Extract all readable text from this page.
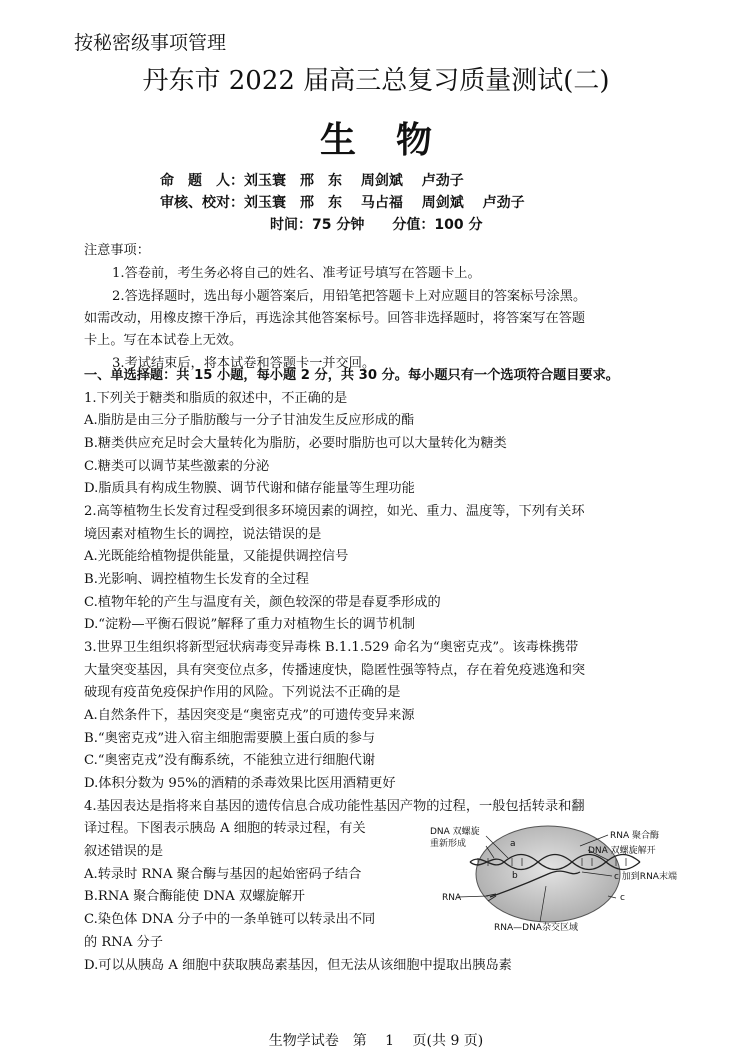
按秘密级事项管理
丹东市 2022 届高三总复习质量测试(二)
生物
命　题　人：刘玉寰　邢　东　 周剑斌　 卢劲子
审核、校对：刘玉寰　邢　东　 马占福　 周剑斌　 卢劲子
时间：75 分钟　　分值：100 分
注意事项：
1.答卷前，考生务必将自己的姓名、准考证号填写在答题卡上。
2.答选择题时，选出每小题答案后，用铅笔把答题卡上对应题目的答案标号涂黑。
如需改动，用橡皮擦干净后，再选涂其他答案标号。回答非选择题时，将答案写在答题
卡上。写在本试卷上无效。
3.考试结束后，将本试卷和答题卡一并交回。
一、单选择题：共 15 小题，每小题 2 分，共 30 分。每小题只有一个选项符合题目要求。
1.下列关于糖类和脂质的叙述中，不正确的是
A.脂肪是由三分子脂肪酸与一分子甘油发生反应形成的酯
B.糖类供应充足时会大量转化为脂肪，必要时脂肪也可以大量转化为糖类
C.糖类可以调节某些激素的分泌
D.脂质具有构成生物膜、调节代谢和储存能量等生理功能
2.高等植物生长发育过程受到很多环境因素的调控，如光、重力、温度等，下列有关环
境因素对植物生长的调控，说法错误的是
A.光既能给植物提供能量，又能提供调控信号
B.光影响、调控植物生长发育的全过程
C.植物年轮的产生与温度有关，颜色较深的带是春夏季形成的
D.“淀粉—平衡石假说”解释了重力对植物生长的调节机制
3.世界卫生组织将新型冠状病毒变异毒株 B.1.1.529 命名为“奥密克戎”。该毒株携带
大量突变基因，具有突变位点多，传播速度快，隐匿性强等特点，存在着免疫逃逸和突
破现有疫苗免疫保护作用的风险。下列说法不正确的是
A.自然条件下，基因突变是“奥密克戎”的可遗传变异来源
B.“奥密克戎”进入宿主细胞需要膜上蛋白质的参与
C.“奥密克戎”没有酶系统，不能独立进行细胞代谢
D.体积分数为 95%的酒精的杀毒效果比医用酒精更好
4.基因表达是指将来自基因的遗传信息合成功能性基因产物的过程，一般包括转录和翻
译过程。下图表示胰岛 A 细胞的转录过程，有关
叙述错误的是
A.转录时 RNA 聚合酶与基因的起始密码子结合
B.RNA 聚合酶能使 DNA 双螺旋解开
C.染色体 DNA 分子中的一条单链可以转录出不同
的 RNA 分子
D.可以从胰岛 A 细胞中获取胰岛素基因，但无法从该细胞中提取出胰岛素
DNA 双螺旋
重新形成
RNA 聚合酶
DNA 双螺旋解开
c 加到RNA末端
RNA
RNA—DNA杂交区域
a
b
c
生物学试卷　第　 1　 页(共 9 页)
